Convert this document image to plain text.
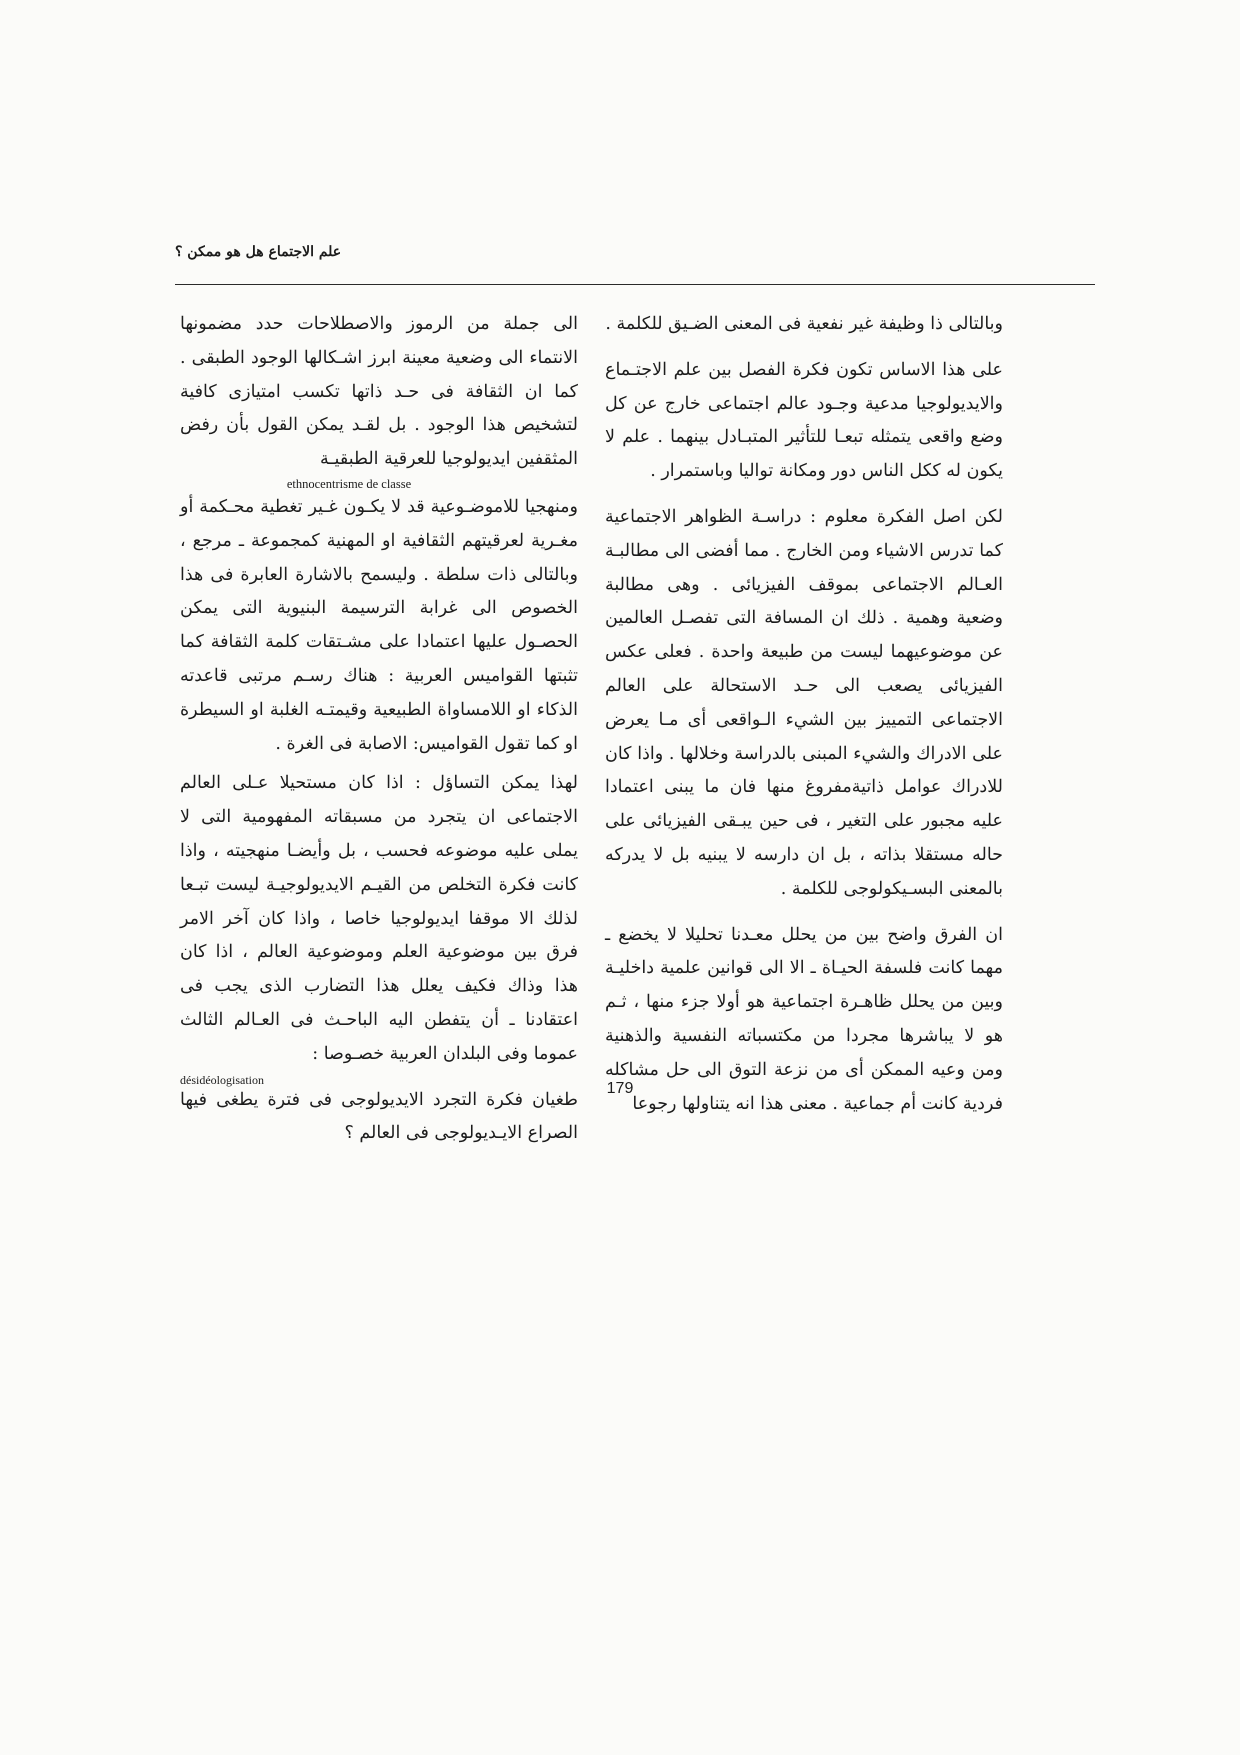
علم الاجتماع هل هو ممكن ؟

وبالتالى ذا وظيفة غير نفعية فى المعنى الضـيق للكلمة .

على هذا الاساس تكون فكرة الفصل بين علم الاجتـماع والايديولوجيا مدعية وجـود عالم اجتماعى خارج عن كل وضع واقعى يتمثله تبعـا للتأثير المتبـادل بينهما . علم لا يكون له ككل الناس دور ومكانة تواليا وباستمرار .

لكن اصل الفكرة معلوم : دراسـة الظواهر الاجتماعية كما تدرس الاشياء ومن الخارج . مما أفضى الى مطالبـة العـالم الاجتماعى بموقف الفيزيائى . وهى مطالبة وضعية وهمية . ذلك ان المسافة التى تفصـل العالمين عن موضوعيهما ليست من طبيعة واحدة . فعلى عكس الفيزيائى يصعب الى حـد الاستحالة على العالم الاجتماعى التمييز بين الشيء الـواقعى أى مـا يعرض على الادراك والشيء المبنى بالدراسة وخلالها . واذا كان للادراك عوامل ذاتيةمفروغ منها فان ما يبنى اعتمادا عليه مجبور على التغير ، فى حين يبـقى الفيزيائى على حاله مستقلا بذاته ، بل ان دارسه لا يبنيه بل لا يدركه بالمعنى البسـيكولوجى للكلمة .

ان الفرق واضح بين من يحلل معـدنا تحليلا لا يخضع ـ مهما كانت فلسفة الحيـاة ـ الا الى قوانين علمية داخليـة وبين من يحلل ظاهـرة اجتماعية هو أولا جزء منها ، ثـم هو لا يباشرها مجردا من مكتسباته النفسية والذهنية ومن وعيه الممكن أى من نزعة التوق الى حل مشاكله فردية كانت أم جماعية . معنى هذا انه يتناولها رجوعا

الى جملة من الرموز والاصطلاحات حدد مضمونها الانتماء الى وضعية معينة ابرز اشـكالها الوجود الطبقى . كما ان الثقافة فى حـد ذاتها تكسب امتيازى كافية لتشخيص هذا الوجود . بل لقـد يمكن القول بأن رفض المثقفين ايديولوجيا للعرقية الطبقيـة
ethnocentrisme de classe
ومنهجيا للاموضـوعية قد لا يكـون غـير تغطية محـكمة أو مغـرية لعرقيتهم الثقافية او المهنية كمجموعة ـ مرجع ، وبالتالى ذات سلطة . وليسمح بالاشارة العابرة فى هذا الخصوص الى غرابة الترسيمة البنيوية التى يمكن الحصـول عليها اعتمادا على مشـتقات كلمة الثقافة كما تثبتها القواميس العربية : هناك رسـم مرتبى قاعدته الذكاء او اللامساواة الطبيعية وقيمتـه الغلبة او السيطرة او كما تقول القواميس: الاصابة فى الغرة .

لهذا يمكن التساؤل : اذا كان مستحيلا عـلى العالم الاجتماعى ان يتجرد من مسبقاته المفهومية التى لا يملى عليه موضوعه فحسب ، بل وأيضـا منهجيته ، واذا كانت فكرة التخلص من القيـم الايديولوجيـة ليست تبـعا لذلك الا موقفا ايديولوجيا خاصا ، واذا كان آخر الامر فرق بين موضوعية العلم وموضوعية العالم ، اذا كان هذا وذاك فكيف يعلل هذا التضارب الذى يجب فى اعتقادنا ـ أن يتفطن اليه الباحـث فى العـالم الثالث عموما وفى البلدان العربية خصـوصا :
désidéologisation
طغيان فكرة التجرد الايديولوجى فى فترة يطغى فيها الصراع الايـديولوجى فى العالم ؟

179
